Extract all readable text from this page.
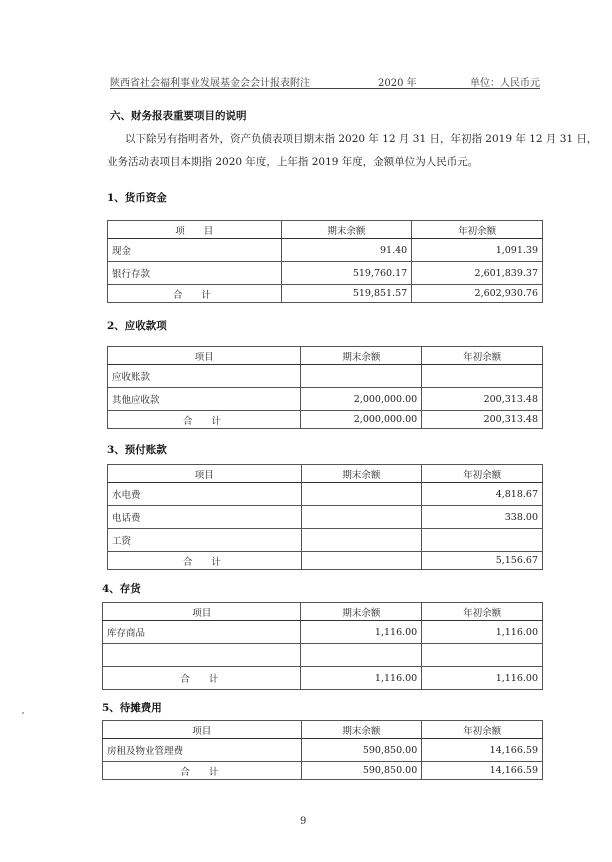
陕西省社会福利事业发展基金会会计报表附注	2020 年	单位：人民币元
六、财务报表重要项目的说明
以下除另有指明者外，资产负债表项目期末指 2020 年 12 月 31 日，年初指 2019 年 12 月 31 日，
业务活动表项目本期指 2020 年度，上年指 2019 年度，金额单位为人民币元。
1、货币资金
项　　目	期末余额	年初余额
现金	91.40	1,091.39
银行存款	519,760.17	2,601,839.37
合　计	519,851.57	2,602,930.76
2、应收款项
项目	期末余额	年初余额
应收账款		
其他应收款	2,000,000.00	200,313.48
合　计	2,000,000.00	200,313.48
3、预付账款
项目	期末余额	年初余额
水电费		4,818.67
电话费		338.00
工资		
合　计		5,156.67
4、存货
项目	期末余额	年初余额
库存商品	1,116.00	1,116.00

合　计	1,116.00	1,116.00
5、待摊费用
项目	期末余额	年初余额
房租及物业管理费	590,850.00	14,166.59
合　计	590,850.00	14,166.59
9
